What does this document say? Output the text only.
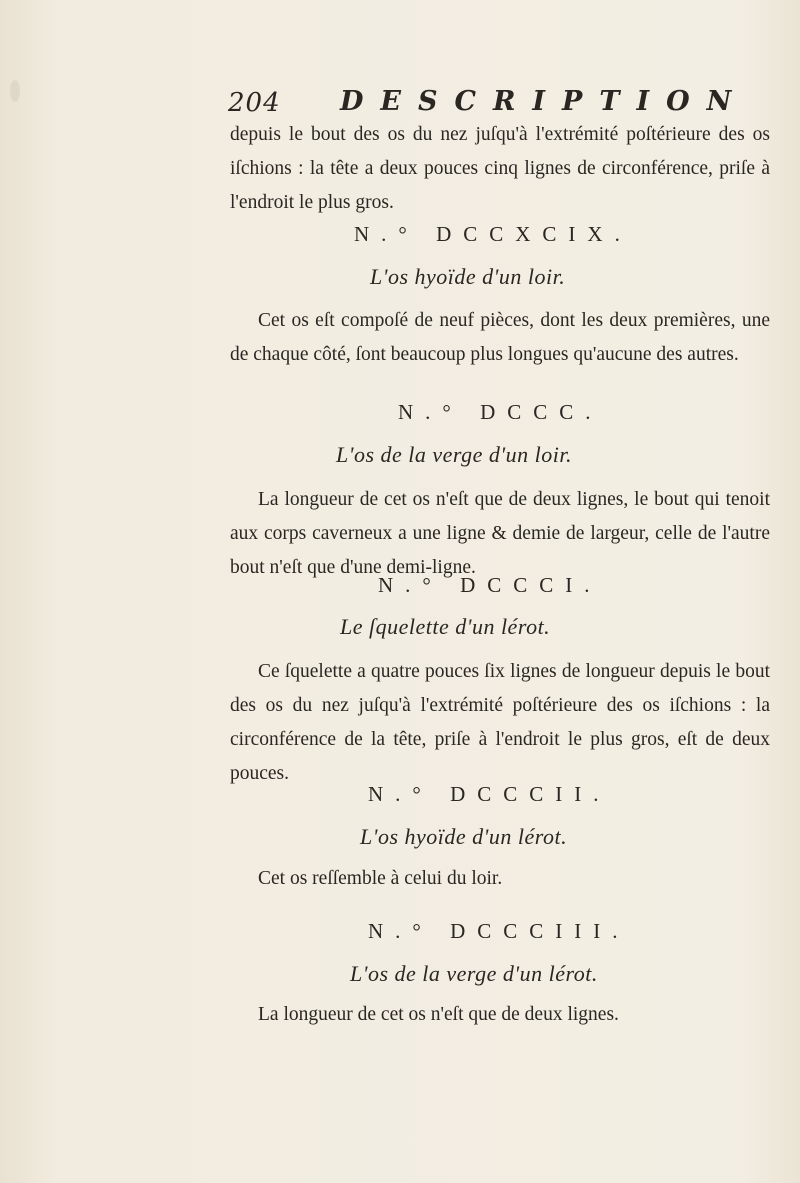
204 DESCRIPTION

depuis le bout des os du nez juſqu'à l'extrémité poſtérieure des os iſchions : la tête a deux pouces cinq lignes de circonférence, priſe à l'endroit le plus gros.

N.° DCCXCIX.
L'os hyoïde d'un loir.

Cet os eſt compoſé de neuf pièces, dont les deux premières, une de chaque côté, ſont beaucoup plus longues qu'aucune des autres.

N.° DCCC.
L'os de la verge d'un loir.

La longueur de cet os n'eſt que de deux lignes, le bout qui tenoit aux corps caverneux a une ligne & demie de largeur, celle de l'autre bout n'eſt que d'une demi-ligne.

N.° DCCCI.
Le ſquelette d'un lérot.

Ce ſquelette a quatre pouces ſix lignes de longueur depuis le bout des os du nez juſqu'à l'extrémité poſtérieure des os iſchions : la circonférence de la tête, priſe à l'endroit le plus gros, eſt de deux pouces.

N.° DCCCII.
L'os hyoïde d'un lérot.

Cet os reſſemble à celui du loir.

N.° DCCCIII.
L'os de la verge d'un lérot.

La longueur de cet os n'eſt que de deux lignes.
